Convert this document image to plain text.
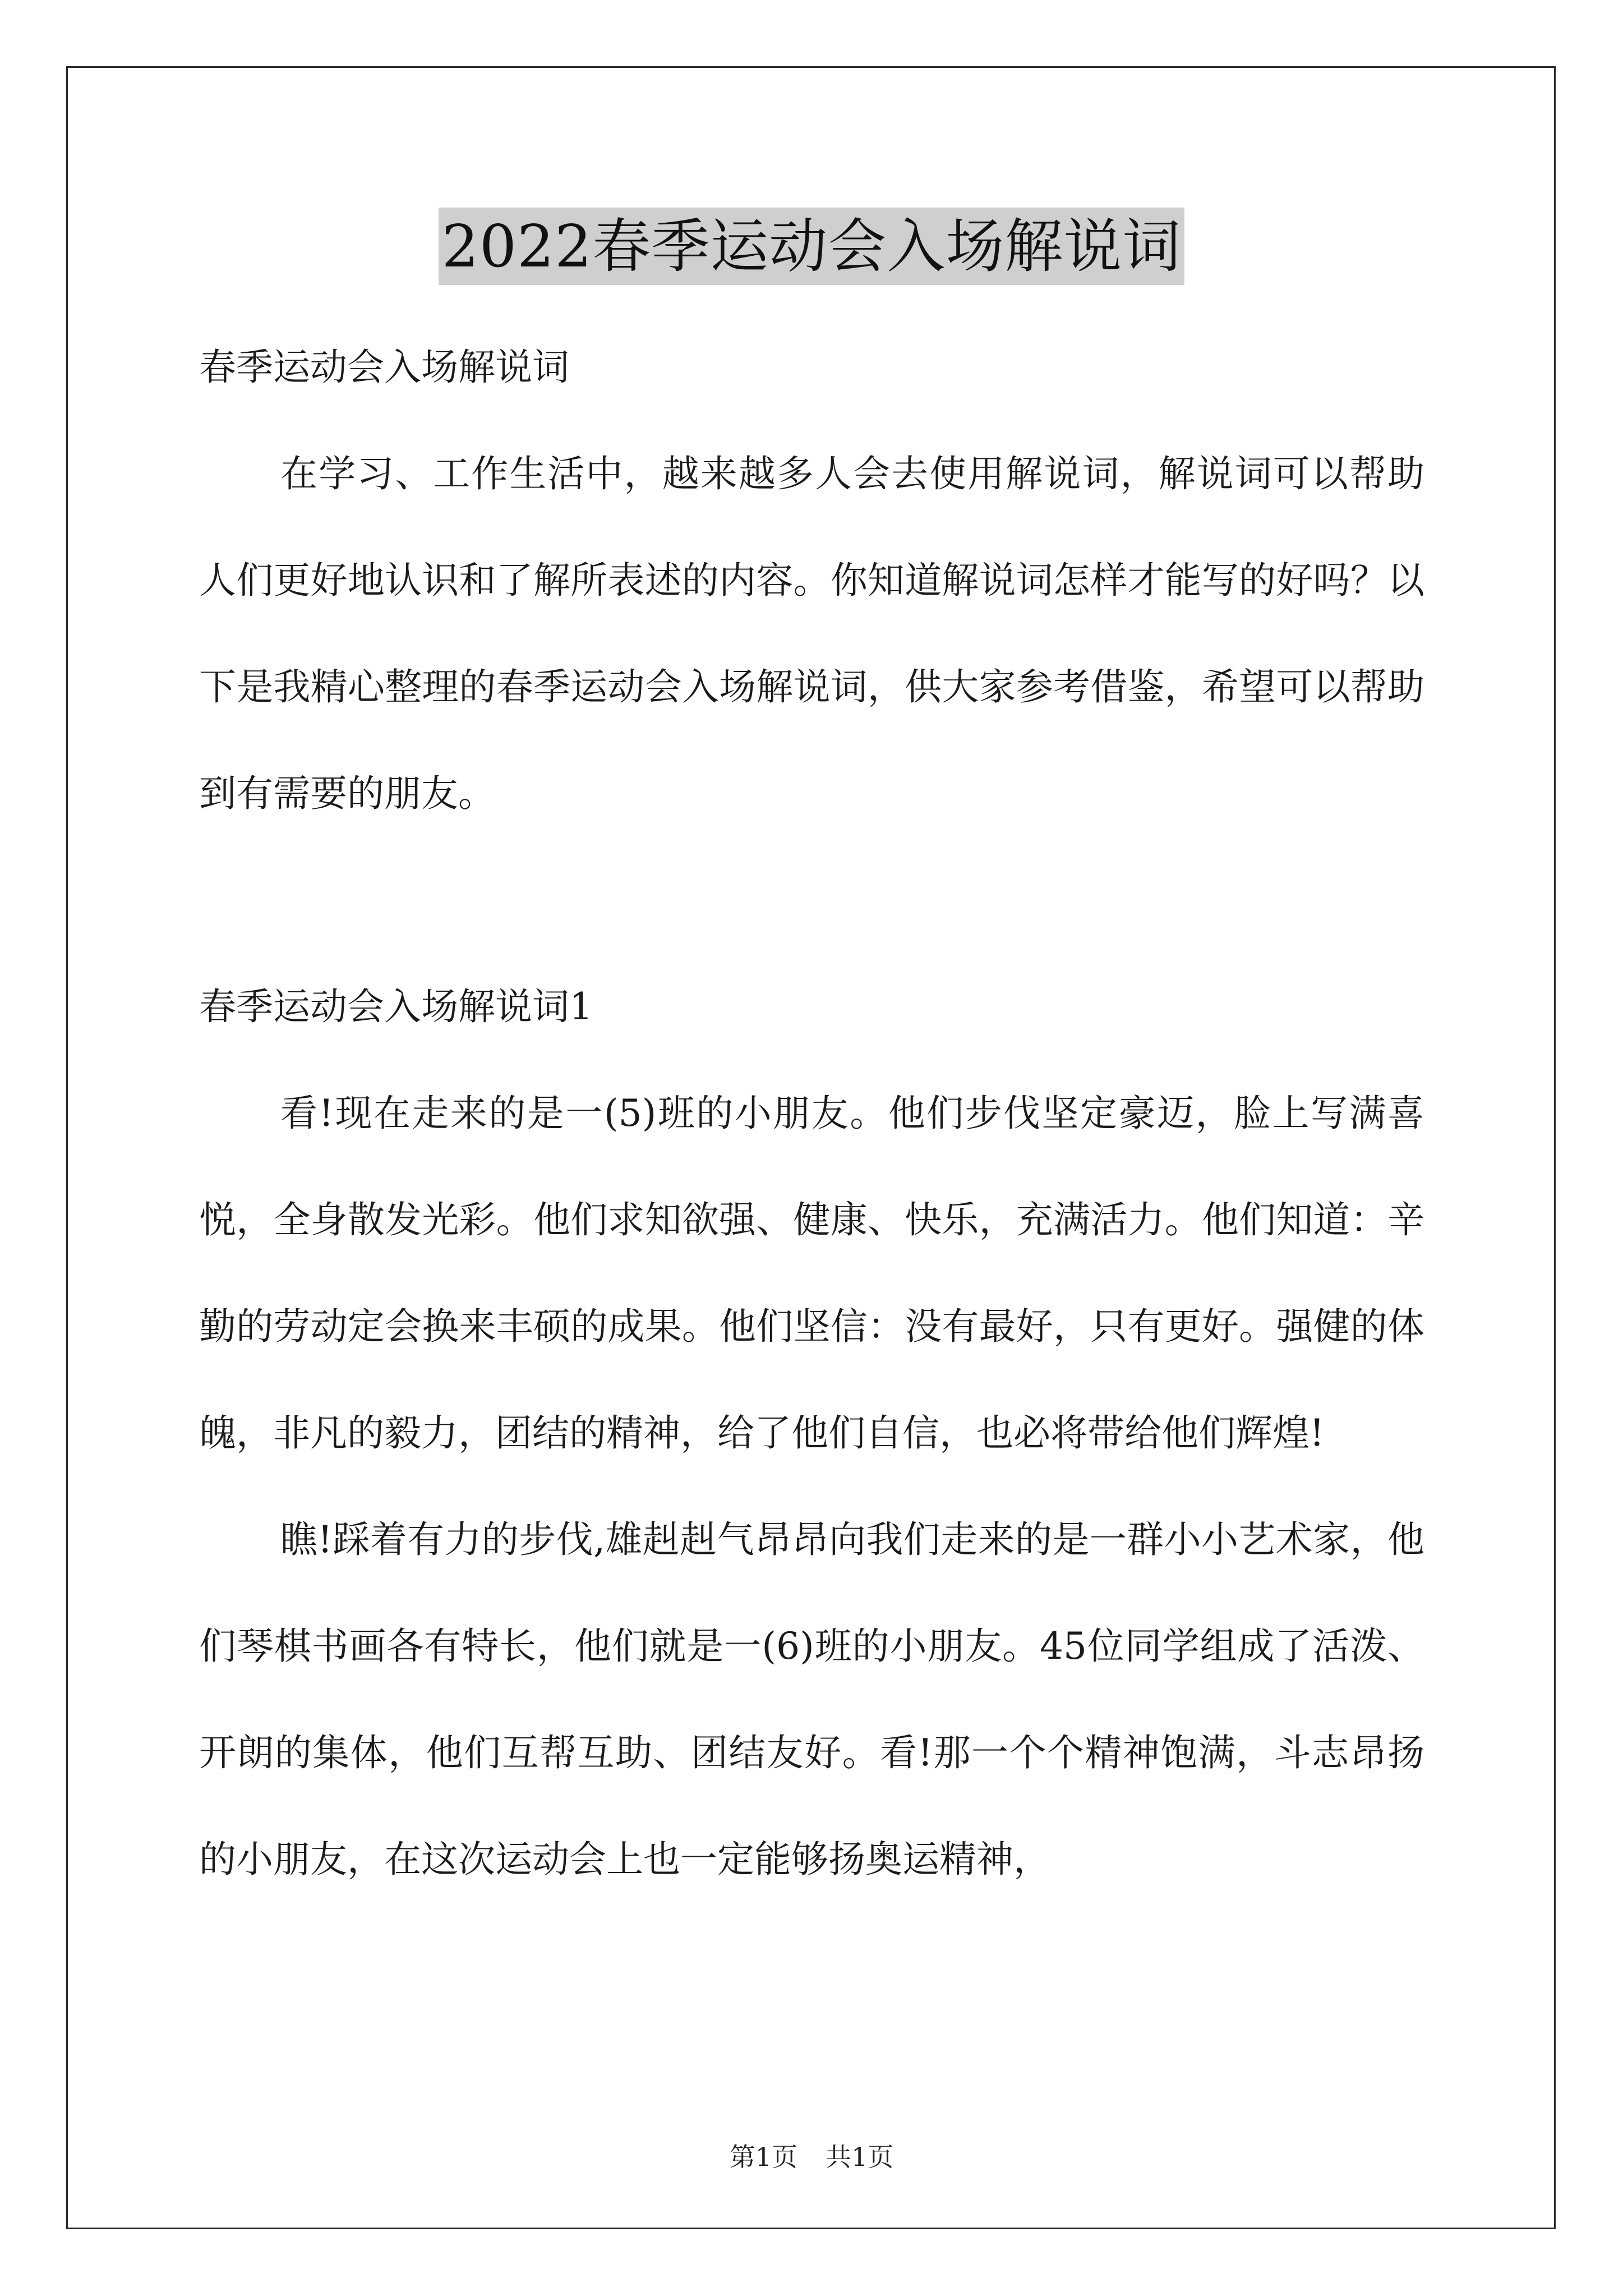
2022春季运动会入场解说词

春季运动会入场解说词

在学习、工作生活中，越来越多人会去使用解说词，解说词可以帮助人们更好地认识和了解所表述的内容。你知道解说词怎样才能写的好吗？以下是我精心整理的春季运动会入场解说词，供大家参考借鉴，希望可以帮助到有需要的朋友。

春季运动会入场解说词1

看!现在走来的是一(5)班的小朋友。他们步伐坚定豪迈，脸上写满喜悦，全身散发光彩。他们求知欲强、健康、快乐，充满活力。他们知道：辛勤的劳动定会换来丰硕的成果。他们坚信：没有最好，只有更好。强健的体魄，非凡的毅力，团结的精神，给了他们自信，也必将带给他们辉煌!

瞧!踩着有力的步伐,雄赳赳气昂昂向我们走来的是一群小小艺术家，他们琴棋书画各有特长，他们就是一(6)班的小朋友。45位同学组成了活泼、开朗的集体，他们互帮互助、团结友好。看!那一个个精神饱满，斗志昂扬的小朋友，在这次运动会上也一定能够扬奥运精神，

第1页 共1页
